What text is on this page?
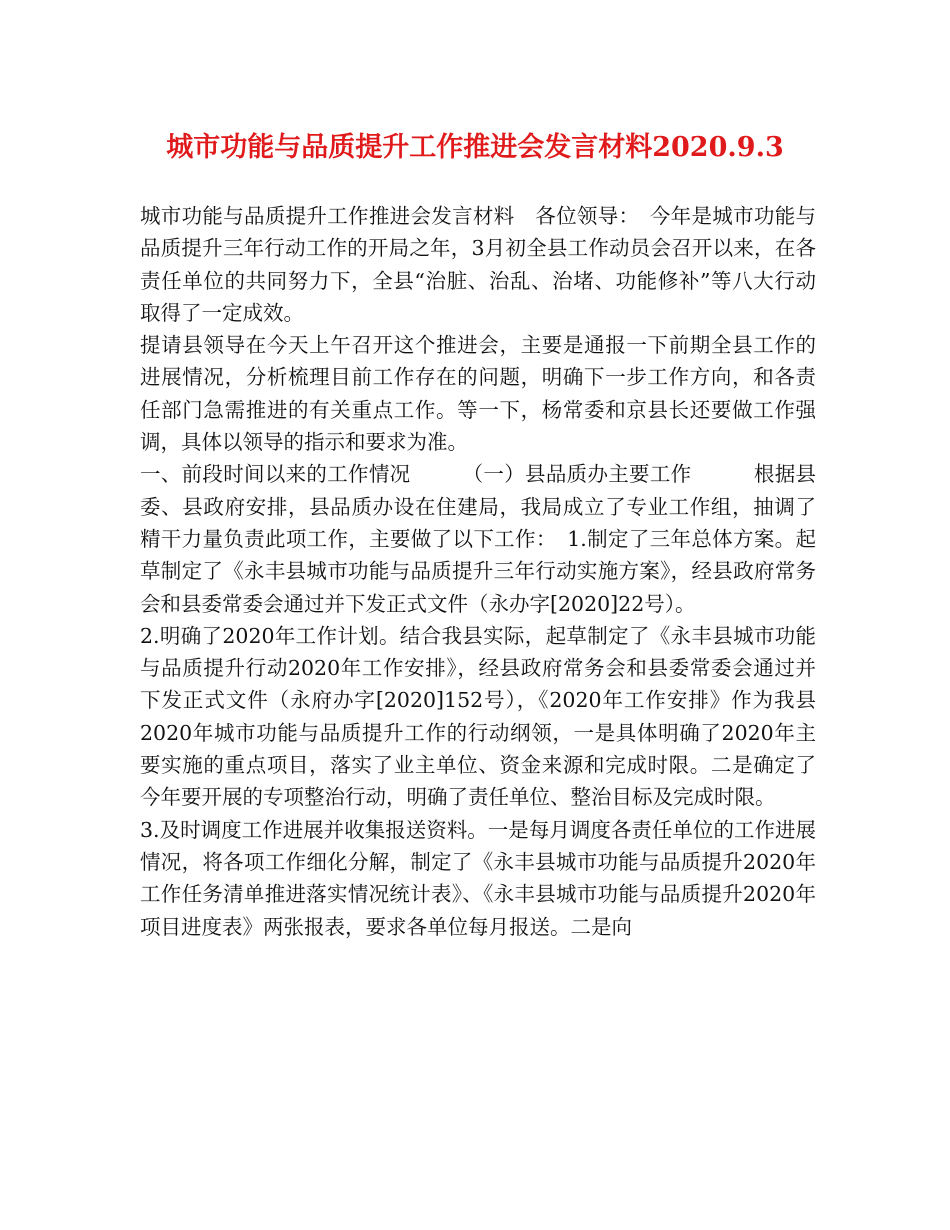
城市功能与品质提升工作推进会发言材料2020.9.3

城市功能与品质提升工作推进会发言材料　各位领导：　今年是城市功能与品质提升三年行动工作的开局之年，3月初全县工作动员会召开以来，在各责任单位的共同努力下，全县“治脏、治乱、治堵、功能修补”等八大行动取得了一定成效。

提请县领导在今天上午召开这个推进会，主要是通报一下前期全县工作的进展情况，分析梳理目前工作存在的问题，明确下一步工作方向，和各责任部门急需推进的有关重点工作。等一下，杨常委和京县长还要做工作强调，具体以领导的指示和要求为准。

一、前段时间以来的工作情况　　　（一）县品质办主要工作　　　根据县委、县政府安排，县品质办设在住建局，我局成立了专业工作组，抽调了精干力量负责此项工作，主要做了以下工作：　1.制定了三年总体方案。起草制定了《永丰县城市功能与品质提升三年行动实施方案》，经县政府常务会和县委常委会通过并下发正式文件（永办字[2020]22号）。

2.明确了2020年工作计划。结合我县实际，起草制定了《永丰县城市功能与品质提升行动2020年工作安排》，经县政府常务会和县委常委会通过并下发正式文件（永府办字[2020]152号），《2020年工作安排》作为我县2020年城市功能与品质提升工作的行动纲领，一是具体明确了2020年主要实施的重点项目，落实了业主单位、资金来源和完成时限。二是确定了今年要开展的专项整治行动，明确了责任单位、整治目标及完成时限。

3.及时调度工作进展并收集报送资料。一是每月调度各责任单位的工作进展情况，将各项工作细化分解，制定了《永丰县城市功能与品质提升2020年工作任务清单推进落实情况统计表》、《永丰县城市功能与品质提升2020年项目进度表》两张报表，要求各单位每月报送。二是向
